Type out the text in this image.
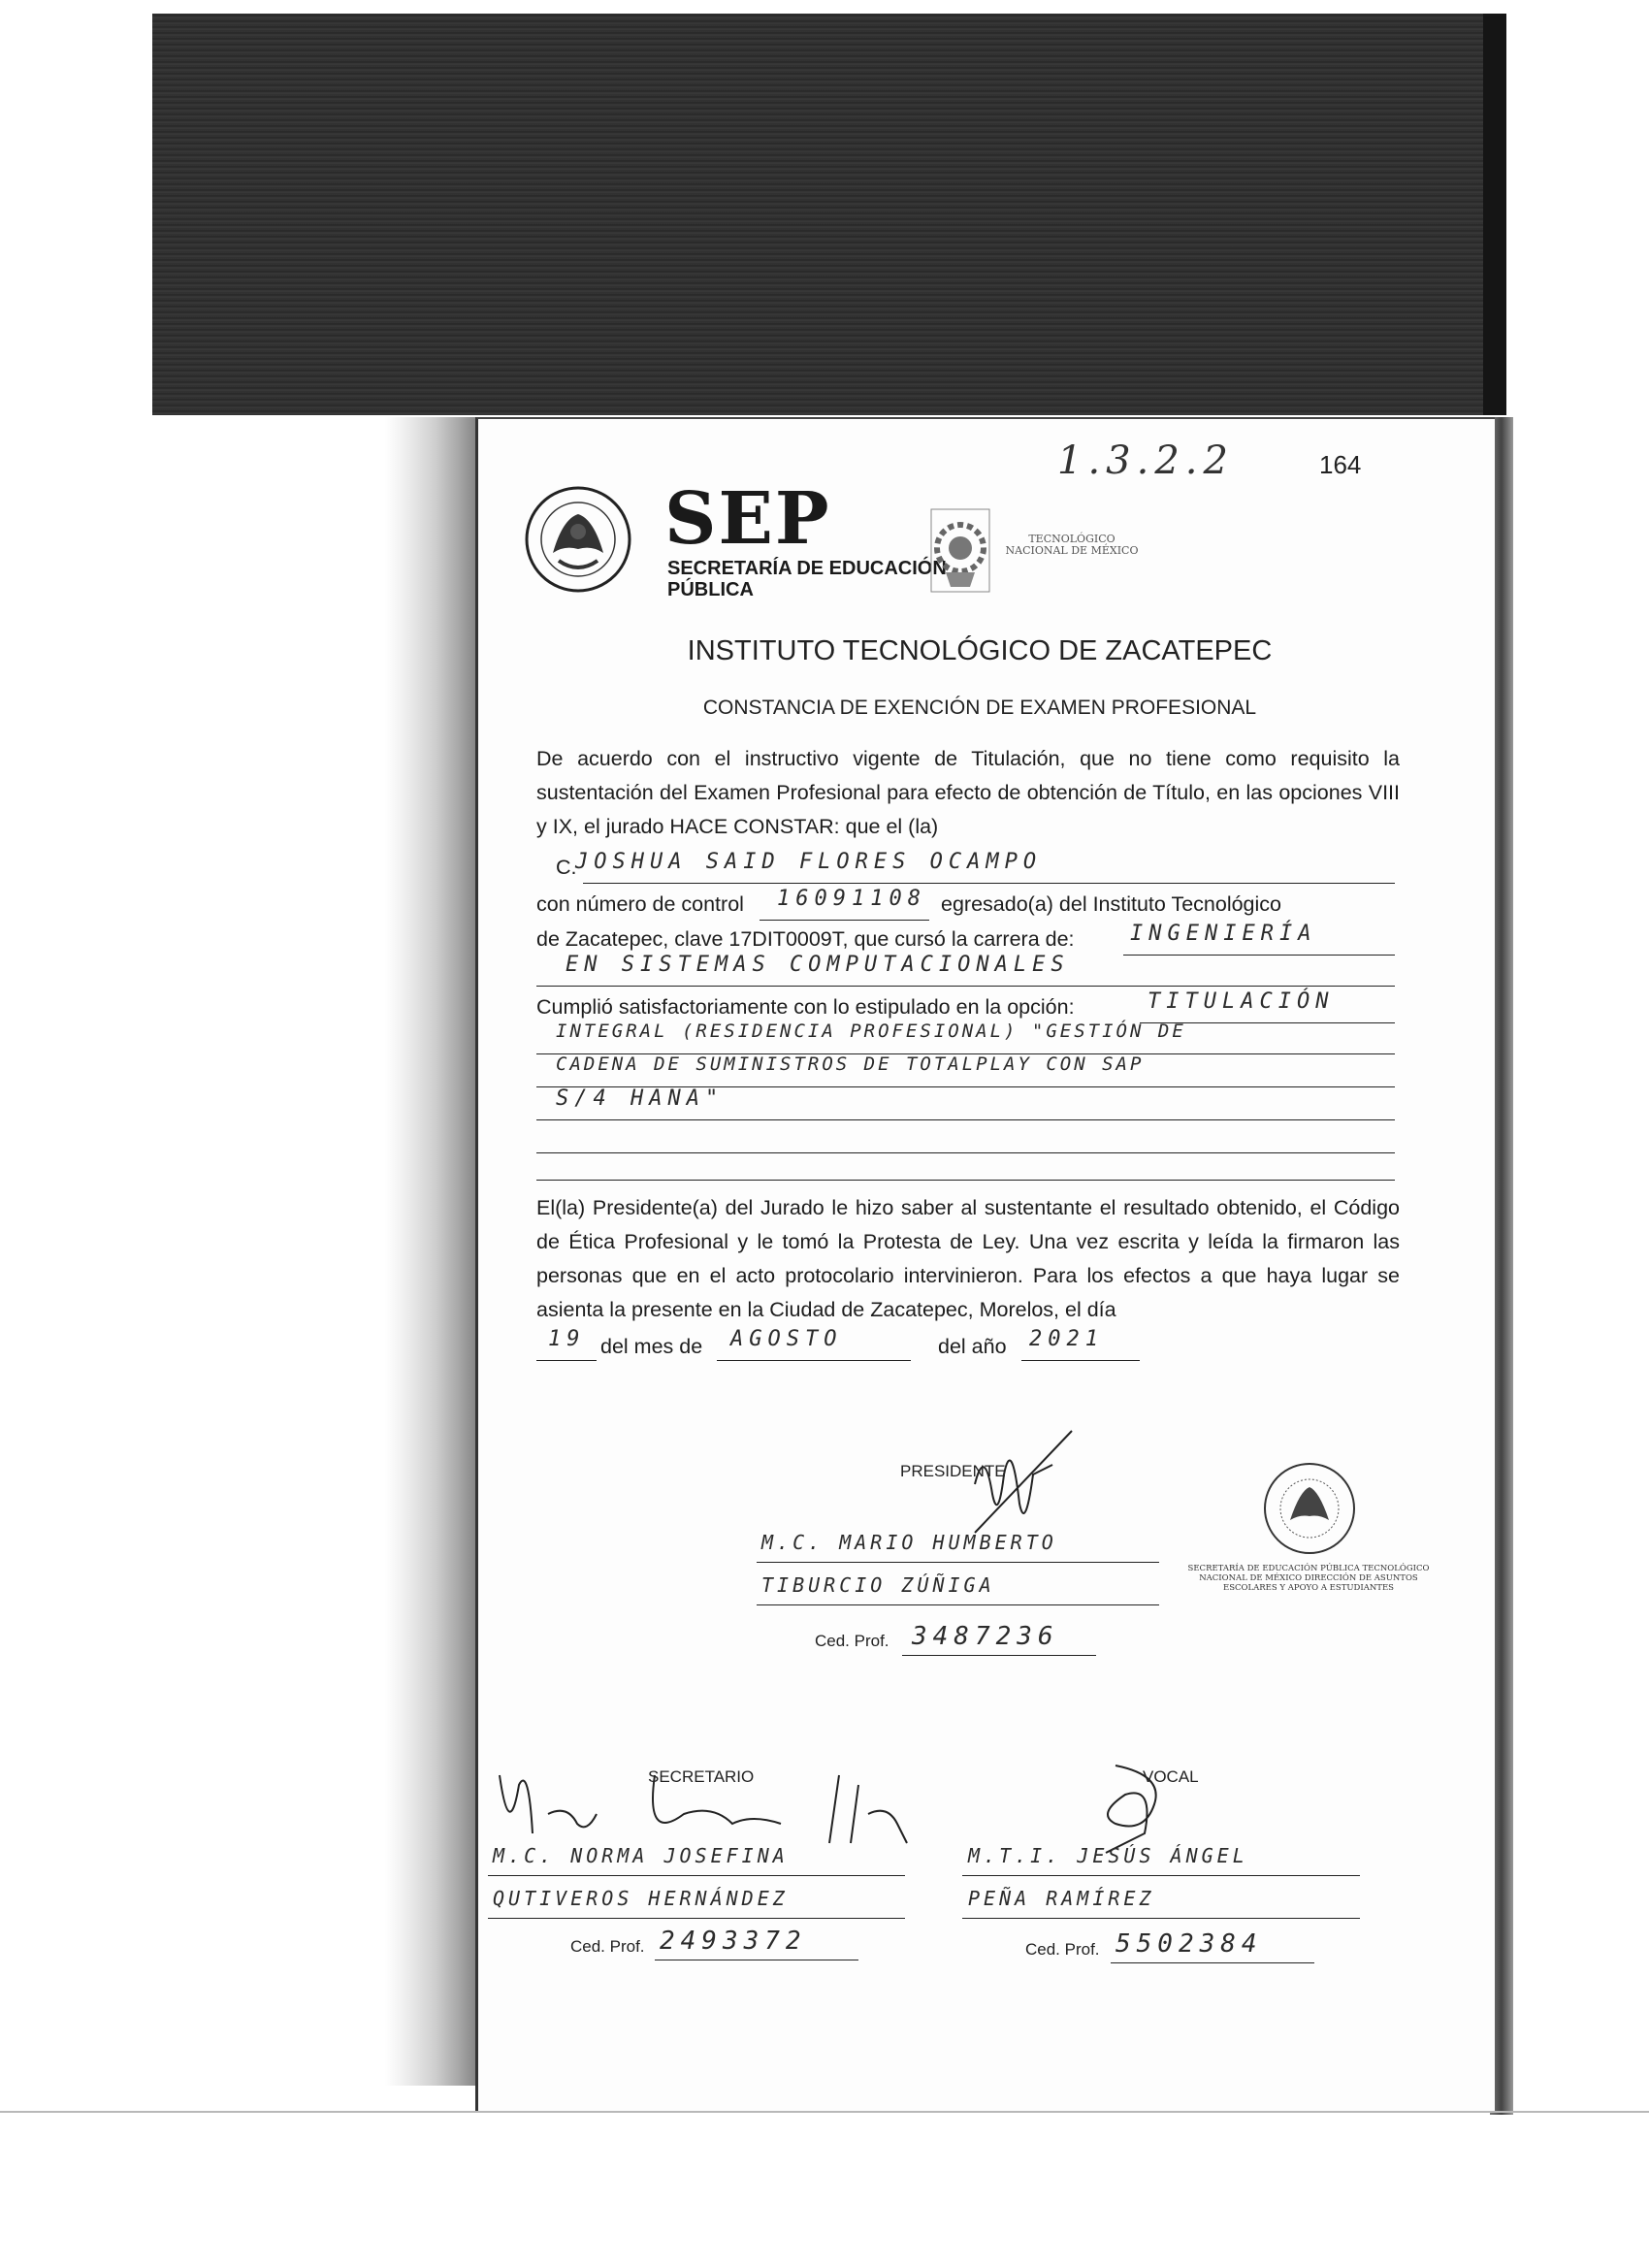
1.3.2.2	164
SEP
SECRETARÍA DE EDUCACIÓN PÚBLICA
TECNOLÓGICO NACIONAL DE MÉXICO
INSTITUTO TECNOLÓGICO DE ZACATEPEC
CONSTANCIA DE EXENCIÓN DE EXAMEN PROFESIONAL
De acuerdo con el instructivo vigente de Titulación, que no tiene como requisito la sustentación del Examen Profesional para efecto de obtención de Título, en las opciones VIII y IX, el jurado HACE CONSTAR: que el (la)
C.
JOSHUA SAID FLORES OCAMPO
con número de control 16091108 egresado(a) del Instituto Tecnológico
de Zacatepec, clave 17DIT0009T, que cursó la carrera de:	INGENIERÍA
EN SISTEMAS COMPUTACIONALES
Cumplió satisfactoriamente con lo estipulado en la opción:	TITULACIÓN
INTEGRAL (RESIDENCIA PROFESIONAL) "GESTIÓN DE
CADENA DE SUMINISTROS DE TOTALPLAY CON SAP
S/4 HANA"
El(la) Presidente(a) del Jurado le hizo saber al sustentante el resultado obtenido, el Código de Ética Profesional y le tomó la Protesta de Ley. Una vez escrita y leída la firmaron las personas que en el acto protocolario intervinieron. Para los efectos a que haya lugar se asienta la presente en la Ciudad de Zacatepec, Morelos, el día
19 del mes de AGOSTO	del año 2021
PRESIDENTE
M.C. MARIO HUMBERTO
TIBURCIO ZÚÑIGA
Ced. Prof. 3487236
SECRETARÍA DE EDUCACIÓN PÚBLICA TECNOLÓGICO NACIONAL DE MÉXICO DIRECCIÓN DE ASUNTOS ESCOLARES Y APOYO A ESTUDIANTES
SECRETARIO
M.C. NORMA JOSEFINA
QUTIVEROS HERNÁNDEZ
Ced. Prof. 2493372
VOCAL
M.T.I. JESÚS ÁNGEL
PEÑA RAMÍREZ
Ced. Prof. 5502384
